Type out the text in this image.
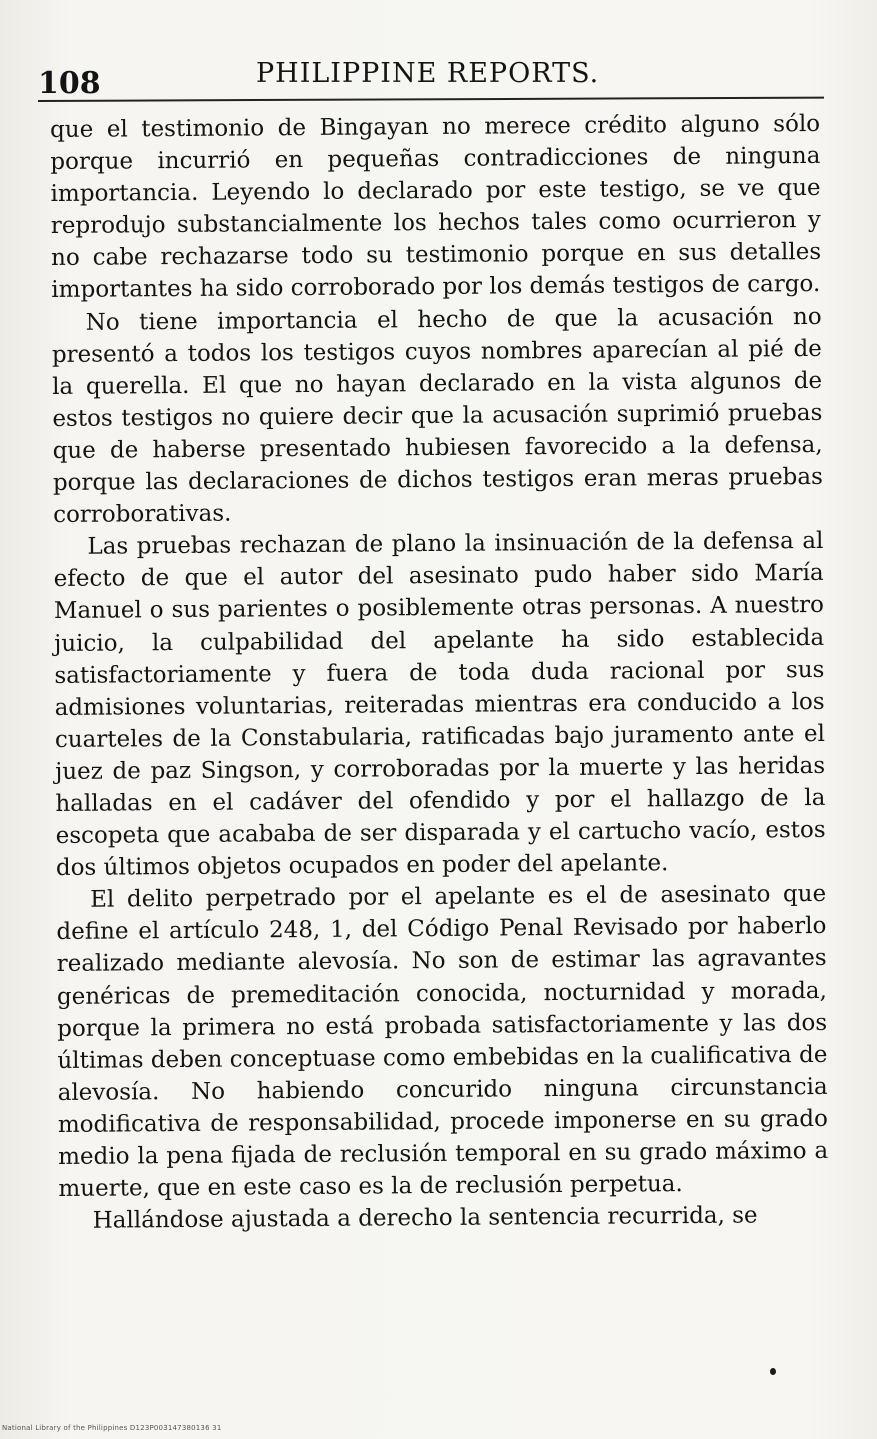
108	PHILIPPINE REPORTS.

que el testimonio de Bingayan no merece crédito alguno sólo porque incurrió en pequeñas contradicciones de ninguna importancia. Leyendo lo declarado por este testigo, se ve que reprodujo substancialmente los hechos tales como ocurrieron y no cabe rechazarse todo su testimonio porque en sus detalles importantes ha sido corroborado por los demás testigos de cargo.

No tiene importancia el hecho de que la acusación no presentó a todos los testigos cuyos nombres aparecían al pié de la querella. El que no hayan declarado en la vista algunos de estos testigos no quiere decir que la acusación suprimió pruebas que de haberse presentado hubiesen favorecido a la defensa, porque las declaraciones de dichos testigos eran meras pruebas corroborativas.

Las pruebas rechazan de plano la insinuación de la defensa al efecto de que el autor del asesinato pudo haber sido María Manuel o sus parientes o posiblemente otras personas. A nuestro juicio, la culpabilidad del apelante ha sido establecida satisfactoriamente y fuera de toda duda racional por sus admisiones voluntarias, reiteradas mientras era conducido a los cuarteles de la Constabularia, ratificadas bajo juramento ante el juez de paz Singson, y corroboradas por la muerte y las heridas halladas en el cadáver del ofendido y por el hallazgo de la escopeta que acababa de ser disparada y el cartucho vacío, estos dos últimos objetos ocupados en poder del apelante.

El delito perpetrado por el apelante es el de asesinato que define el artículo 248, 1, del Código Penal Revisado por haberlo realizado mediante alevosía. No son de estimar las agravantes genéricas de premeditación conocida, nocturnidad y morada, porque la primera no está probada satisfactoriamente y las dos últimas deben conceptuase como embebidas en la cualificativa de alevosía. No habiendo concurido ninguna circunstancia modificativa de responsabilidad, procede imponerse en su grado medio la pena fijada de reclusión temporal en su grado máximo a muerte, que en este caso es la de reclusión perpetua.

Hallándose ajustada a derecho la sentencia recurrida, se

National Library of the Philippines D123P003147380136 31
